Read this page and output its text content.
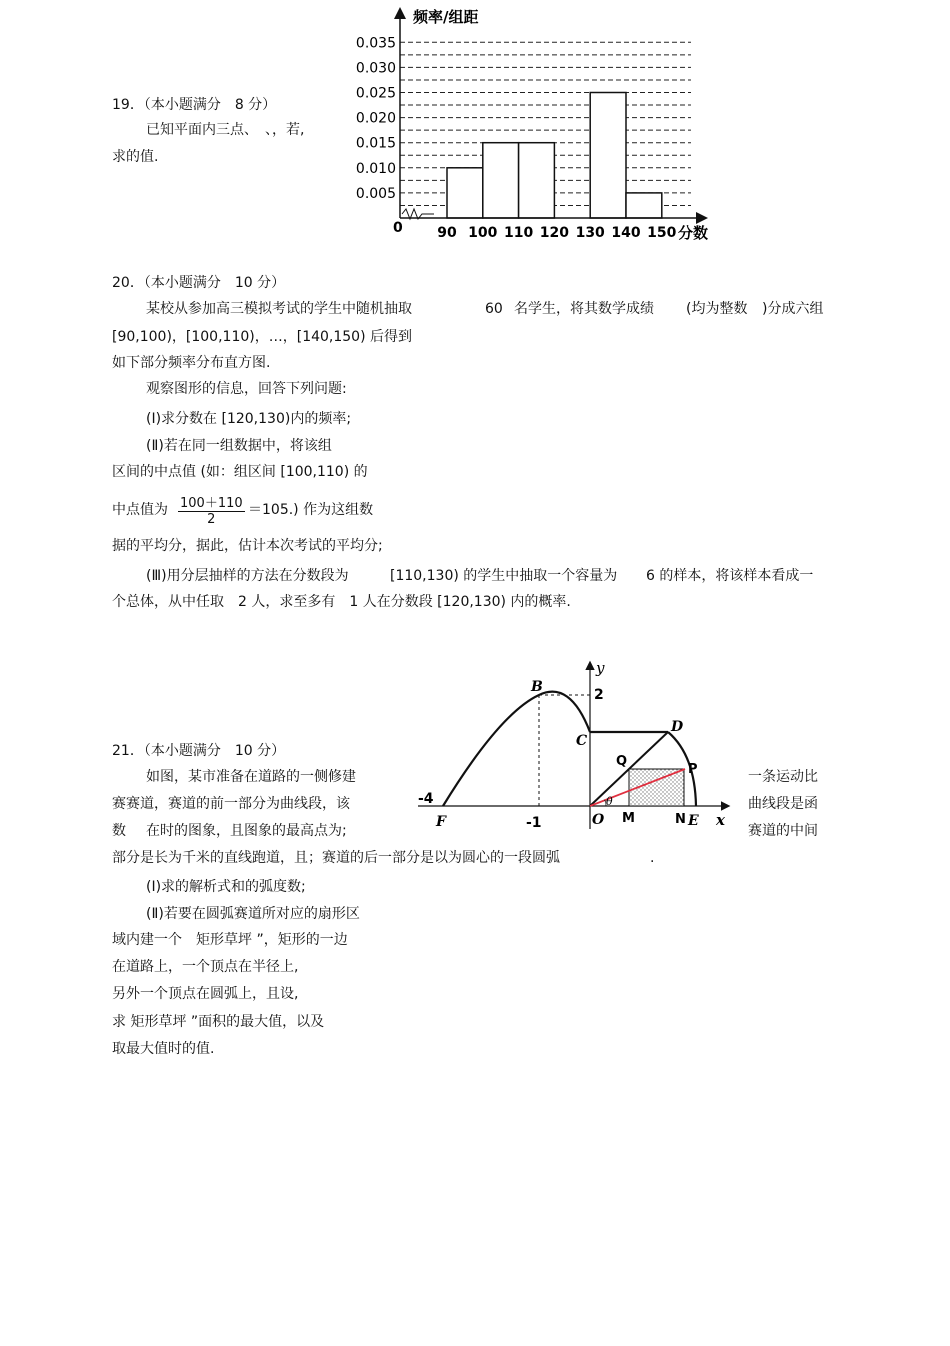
19．（本小题满分　8 分）
已知平面内三点、　、，若,
求的值.
频率/组距
分数
0
0.035
0.030
0.025
0.020
0.015
0.010
0.005
90 100 110 120 130 140 150
20．（本小题满分　10 分）
某校从参加高三模拟考试的学生中随机抽取	60 名学生，将其数学成绩 (均为整数 )分成六组
[90,100)，[100,110)，…，[140,150) 后得到
如下部分频率分布直方图.
观察图形的信息，回答下列问题:
(Ⅰ)求分数在 [120,130)内的频率;
(Ⅱ)若在同一组数据中，将该组
区间的中点值 (如：组区间 [100,110) 的
中点值为 $\frac{100+110}{2} =105$.) 作为这组数
据的平均分，据此，估计本次考试的平均分;
(Ⅲ)用分层抽样的方法在分数段为	[110,130) 的学生中抽取一个容量为 6 的样本，将该样本看成一
个总体，从中任取　2 人，求至多有　1 人在分数段 [120,130) 内的概率.
y
x
2
B
C
D
Q
P
θ
-4
F	-1	O M	N E
21．（本小题满分　10 分）
如图，某市准备在道路的一侧修建	一条运动比
赛赛道，赛道的前一部分为曲线段，该	曲线段是函
数 在时的图象，且图象的最高点为;	赛道的中间
部分是长为千米的直线跑道，且；赛道的后一部分是以为圆心的一段圆弧	.
(Ⅰ)求的解析式和的弧度数;
(Ⅱ)若要在圆弧赛道所对应的扇形区
域内建一个　矩形草坪 ”，矩形的一边
在道路上，一个顶点在半径上,
另外一个顶点在圆弧上，且设,
求 矩形草坪 ”面积的最大值，以及
取最大值时的值.
